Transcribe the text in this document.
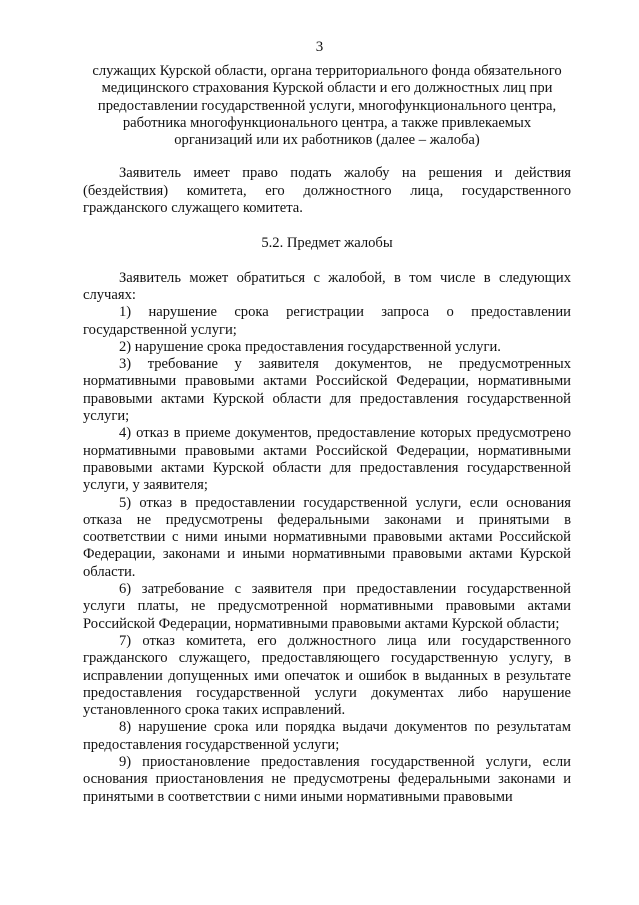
3

служащих Курской области, органа территориального фонда обязательного медицинского страхования Курской области и его должностных лиц при предоставлении государственной услуги, многофункционального центра, работника многофункционального центра, а также привлекаемых организаций или их работников (далее – жалоба)

Заявитель имеет право подать жалобу на решения и действия (бездействия) комитета, его должностного лица, государственного гражданского служащего комитета.

5.2. Предмет жалобы

Заявитель может обратиться с жалобой, в том числе в следующих случаях:

1) нарушение срока регистрации запроса о предоставлении государственной услуги;

2) нарушение срока предоставления государственной услуги.

3) требование у заявителя документов, не предусмотренных нормативными правовыми актами Российской Федерации, нормативными правовыми актами Курской области для предоставления государственной услуги;

4) отказ в приеме документов, предоставление которых предусмотрено нормативными правовыми актами Российской Федерации, нормативными правовыми актами Курской области для предоставления государственной услуги, у заявителя;

5) отказ в предоставлении государственной услуги, если основания отказа не предусмотрены федеральными законами и принятыми в соответствии с ними иными нормативными правовыми актами Российской Федерации, законами и иными нормативными правовыми актами Курской области.

6) затребование с заявителя при предоставлении государственной услуги платы, не предусмотренной нормативными правовыми актами Российской Федерации, нормативными правовыми актами Курской области;

7) отказ комитета, его должностного лица или государственного гражданского служащего, предоставляющего государственную услугу, в исправлении допущенных ими опечаток и ошибок в выданных в результате предоставления государственной услуги документах либо нарушение установленного срока таких исправлений.

8) нарушение срока или порядка выдачи документов по результатам предоставления государственной услуги;

9) приостановление предоставления государственной услуги, если основания приостановления не предусмотрены федеральными законами и принятыми в соответствии с ними иными нормативными правовыми
